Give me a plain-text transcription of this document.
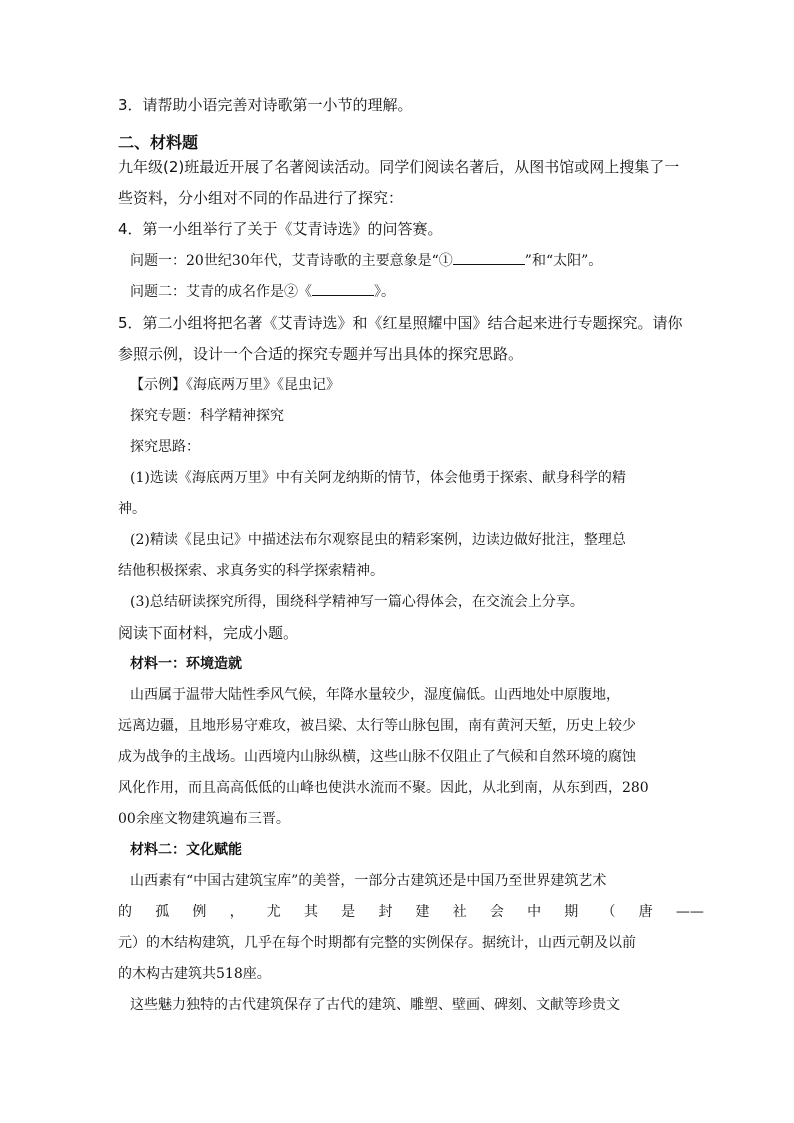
3．请帮助小语完善对诗歌第一小节的理解。
二、材料题
九年级(2)班最近开展了名著阅读活动。同学们阅读名著后，从图书馆或网上搜集了一
些资料，分小组对不同的作品进行了探究：
4．第一小组举行了关于《艾青诗选》的问答赛。
问题一：20世纪30年代，艾青诗歌的主要意象是“①	”和“太阳”。
问题二：艾青的成名作是②《	》。
5．第二小组将把名著《艾青诗选》和《红星照耀中国》结合起来进行专题探究。请你
参照示例，设计一个合适的探究专题并写出具体的探究思路。
【示例】《海底两万里》《昆虫记》
探究专题：科学精神探究
探究思路：
(1)选读《海底两万里》中有关阿龙纳斯的情节，体会他勇于探索、献身科学的精
神。
(2)精读《昆虫记》中描述法布尔观察昆虫的精彩案例，边读边做好批注，整理总
结他积极探索、求真务实的科学探索精神。
(3)总结研读探究所得，围绕科学精神写一篇心得体会，在交流会上分享。
阅读下面材料，完成小题。
材料一：环境造就
山西属于温带大陆性季风气候，年降水量较少，湿度偏低。山西地处中原腹地，
远离边疆，且地形易守难攻，被吕梁、太行等山脉包围，南有黄河天堑，历史上较少
成为战争的主战场。山西境内山脉纵横，这些山脉不仅阻止了气候和自然环境的腐蚀
风化作用，而且高高低低的山峰也使洪水流而不聚。因此，从北到南，从东到西，280
00余座文物建筑遍布三晋。
材料二：文化赋能
山西素有“中国古建筑宝库”的美誉，一部分古建筑还是中国乃至世界建筑艺术
的 孤 例 ， 尤 其 是 封 建 社 会 中 期 （ 唐 ——
元）的木结构建筑，几乎在每个时期都有完整的实例保存。据统计，山西元朝及以前
的木构古建筑共518座。
这些魅力独特的古代建筑保存了古代的建筑、雕塑、壁画、碑刻、文献等珍贵文
